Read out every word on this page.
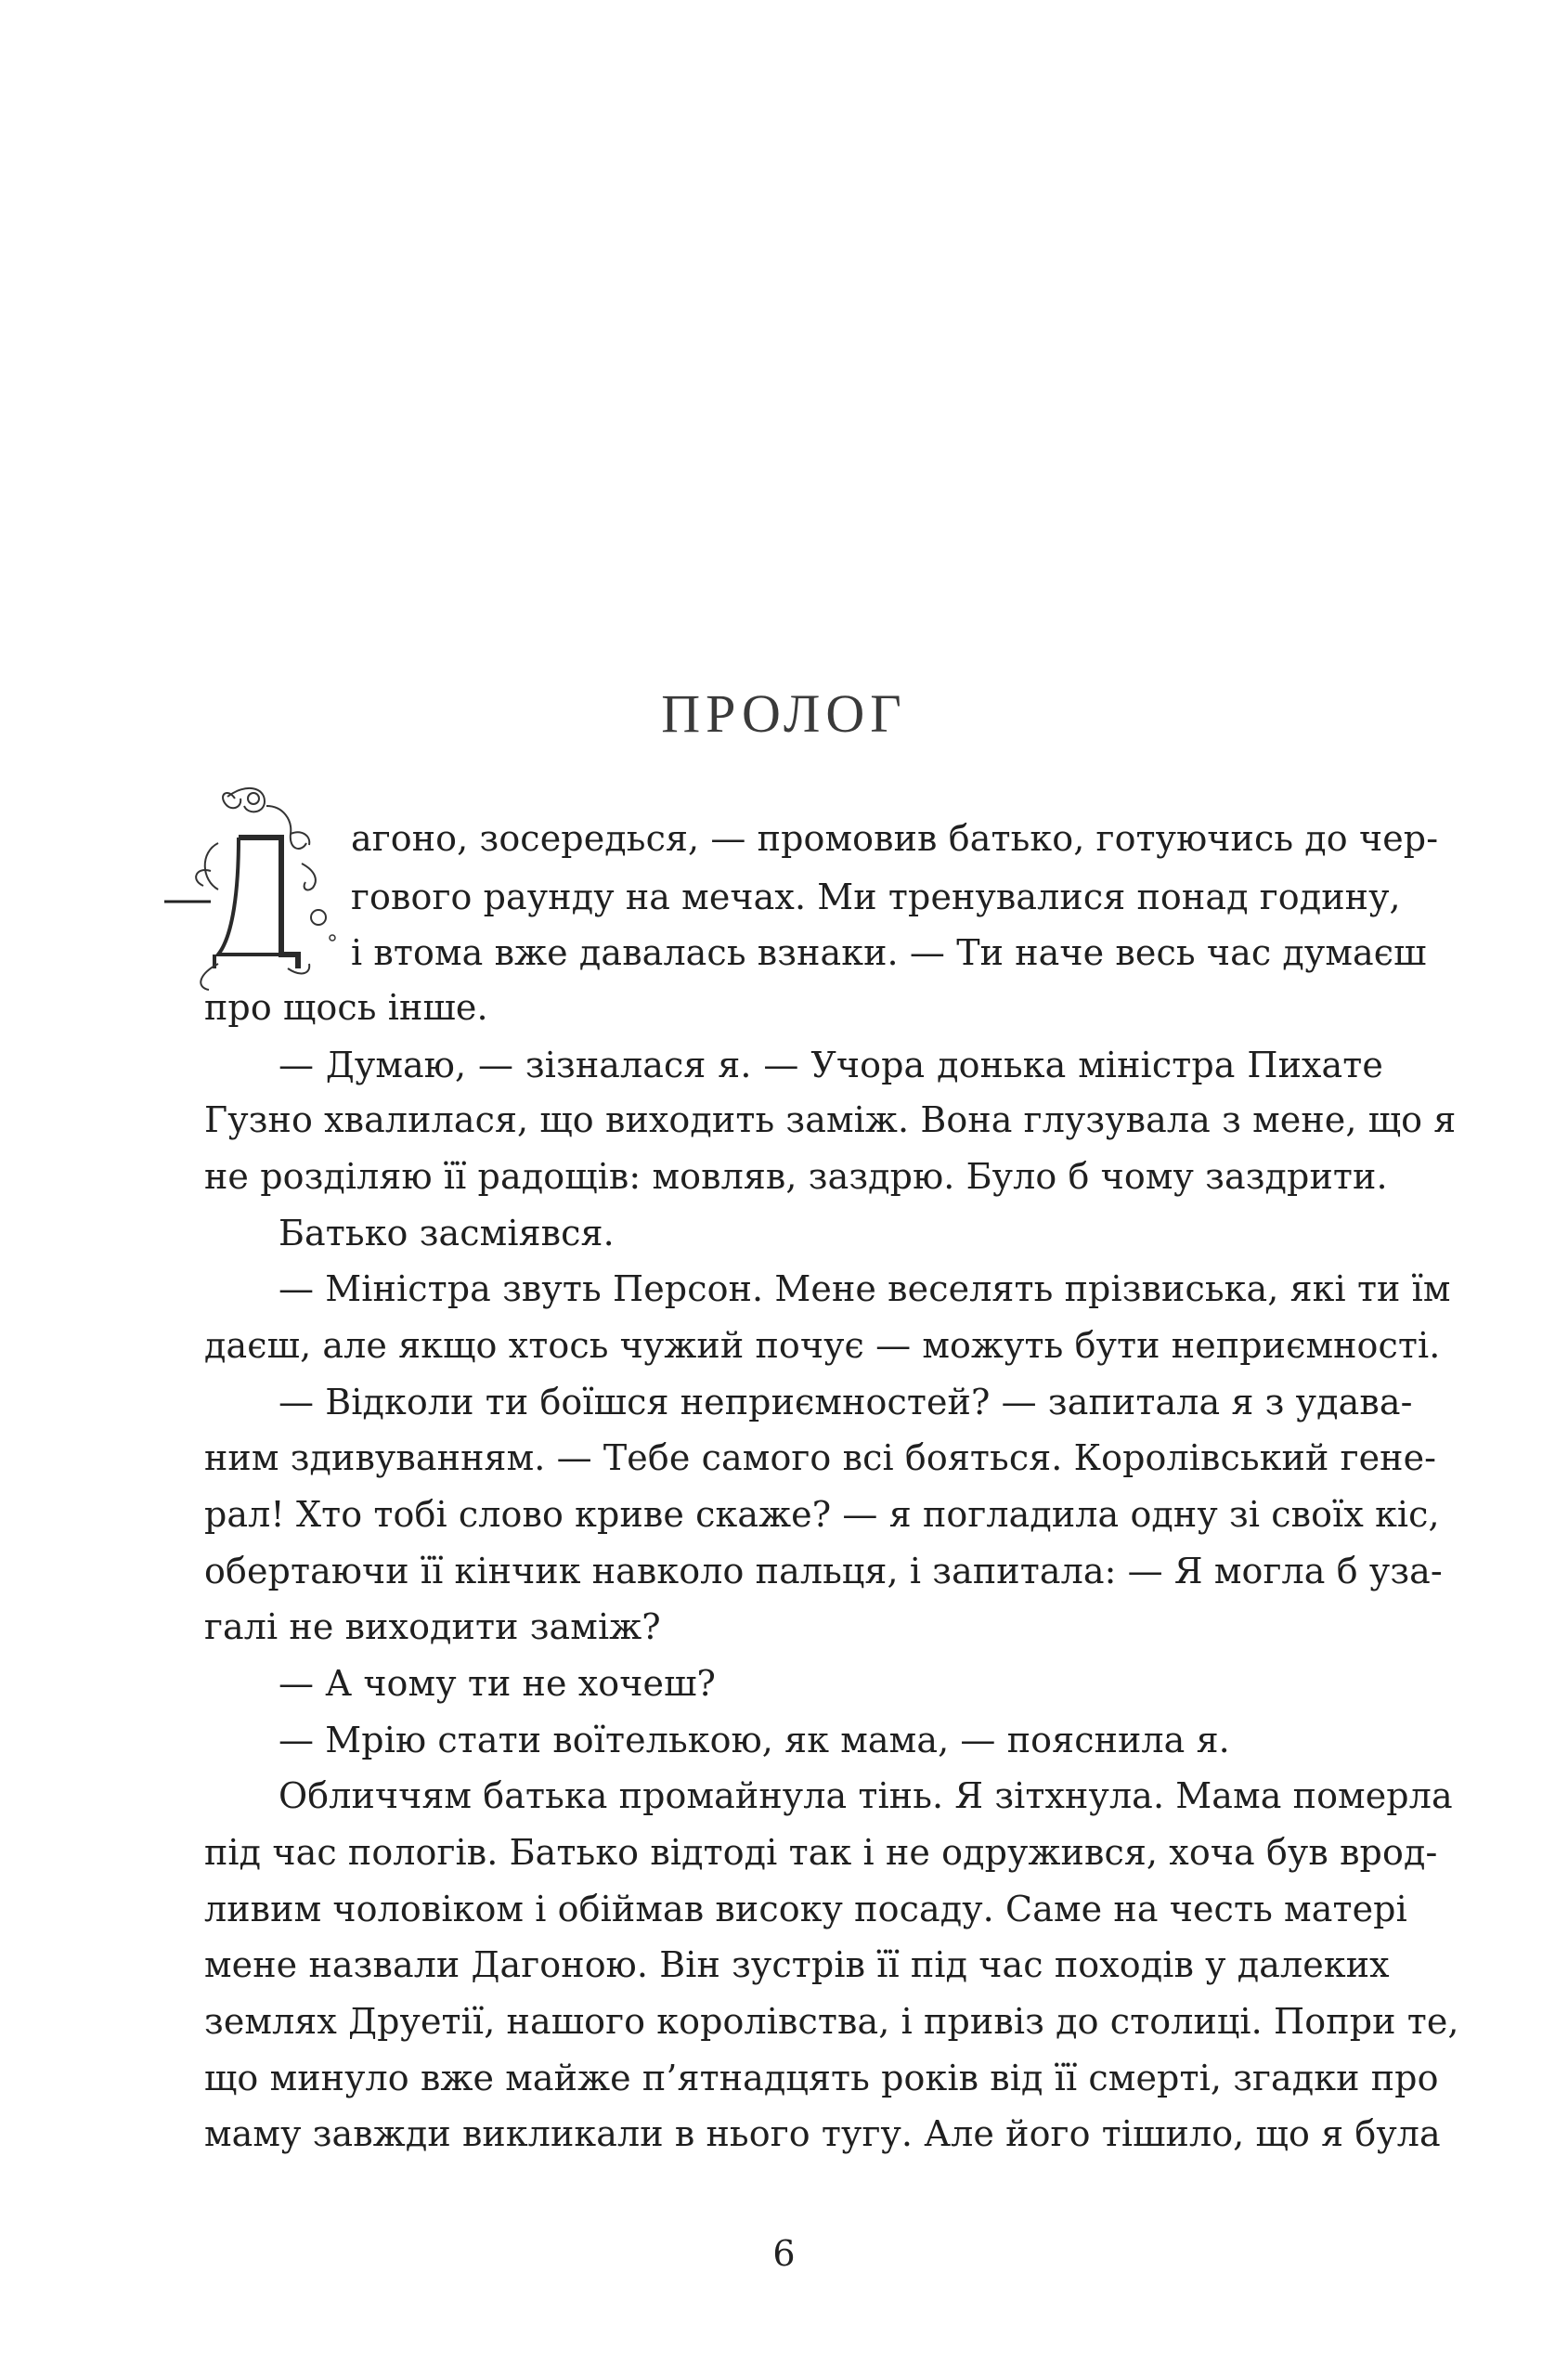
ПРОЛОГ
агоно, зосередься, — промовив батько, готуючись до чер-
гового раунду на мечах. Ми тренувалися понад годину,
і втома вже давалась взнаки. — Ти наче весь час думаєш
про щось інше.
— Думаю, — зізналася я. — Учора донька міністра Пихате
Гузно хвалилася, що виходить заміж. Вона глузувала з мене, що я
не розділяю її радощів: мовляв, заздрю. Було б чому заздрити.
Батько засміявся.
— Міністра звуть Персон. Мене веселять прізвиська, які ти їм
даєш, але якщо хтось чужий почує — можуть бути неприємності.
— Відколи ти боїшся неприємностей? — запитала я з удава-
ним здивуванням. — Тебе самого всі бояться. Королівський гене-
рал! Хто тобі слово криве скаже? — я погладила одну зі своїх кіс,
обертаючи її кінчик навколо пальця, і запитала: — Я могла б уза-
галі не виходити заміж?
— А чому ти не хочеш?
— Мрію стати воїтелькою, як мама, — пояснила я.
Обличчям батька промайнула тінь. Я зітхнула. Мама померла
під час пологів. Батько відтоді так і не одружився, хоча був врод-
ливим чоловіком і обіймав високу посаду. Саме на честь матері
мене назвали Дагоною. Він зустрів її під час походів у далеких
землях Друетії, нашого королівства, і привіз до столиці. Попри те,
що минуло вже майже п’ятнадцять років від її смерті, згадки про
маму завжди викликали в нього тугу. Але його тішило, що я була
6
